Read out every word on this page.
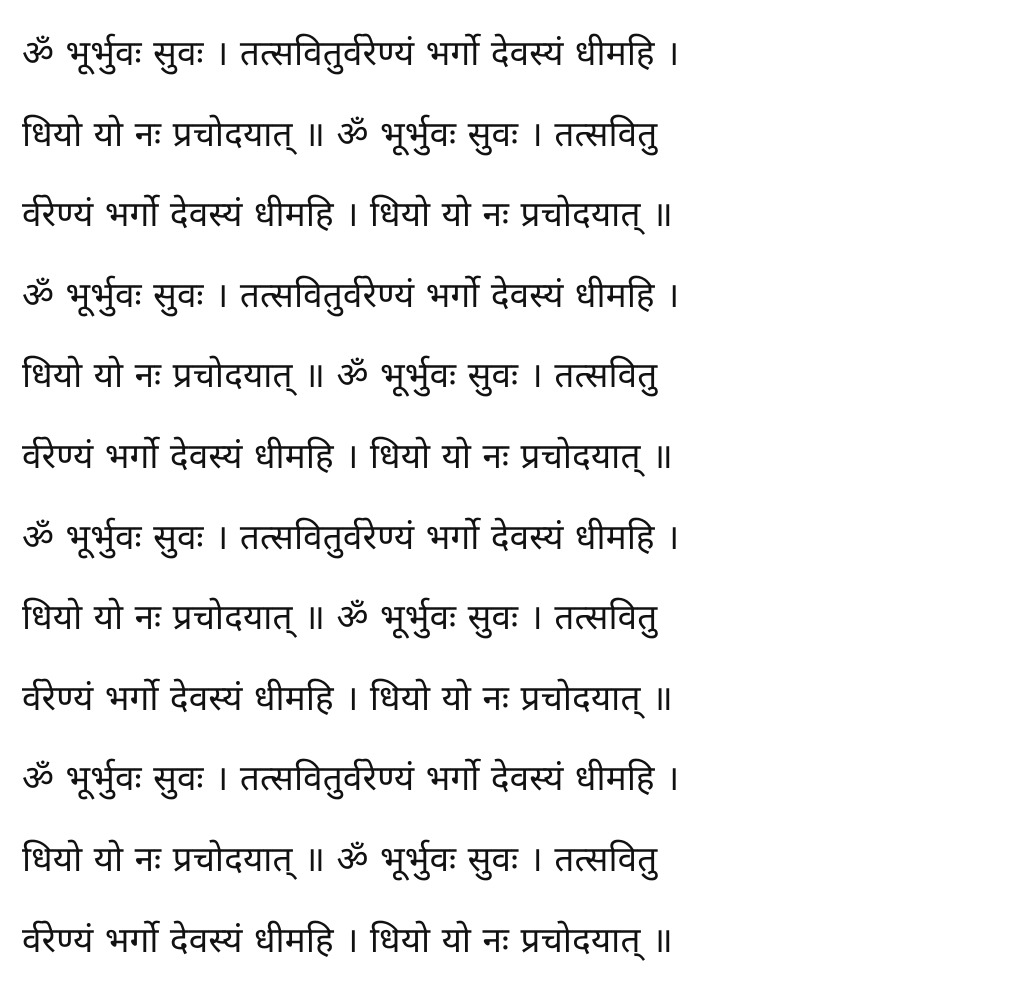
ॐ भूर्भुवः सुवः । तत्सवितुर्वरेण्यं भर्गो देवस्यं धीमहि ।
धियो यो नः प्रचोदयात् ॥ ॐ भूर्भुवः सुवः । तत्सवितु
र्वरेण्यं भर्गो देवस्यं धीमहि । धियो यो नः प्रचोदयात् ॥
ॐ भूर्भुवः सुवः । तत्सवितुर्वरेण्यं भर्गो देवस्यं धीमहि ।
धियो यो नः प्रचोदयात् ॥ ॐ भूर्भुवः सुवः । तत्सवितु
र्वरेण्यं भर्गो देवस्यं धीमहि । धियो यो नः प्रचोदयात् ॥
ॐ भूर्भुवः सुवः । तत्सवितुर्वरेण्यं भर्गो देवस्यं धीमहि ।
धियो यो नः प्रचोदयात् ॥ ॐ भूर्भुवः सुवः । तत्सवितु
र्वरेण्यं भर्गो देवस्यं धीमहि । धियो यो नः प्रचोदयात् ॥
ॐ भूर्भुवः सुवः । तत्सवितुर्वरेण्यं भर्गो देवस्यं धीमहि ।
धियो यो नः प्रचोदयात् ॥ ॐ भूर्भुवः सुवः । तत्सवितु
र्वरेण्यं भर्गो देवस्यं धीमहि । धियो यो नः प्रचोदयात् ॥
